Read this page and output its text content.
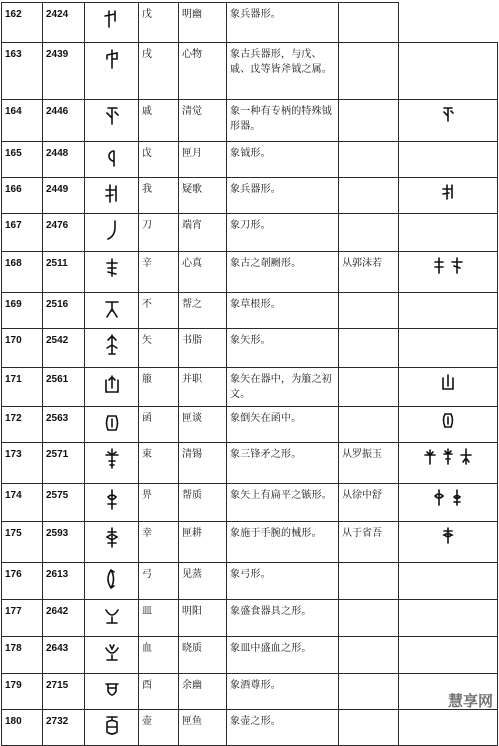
162	2424		戊	明幽	象兵器形。		
163	2439		戌	心物	象古兵器形，与戊、戚、戉等皆斧钺之属。		
164	2446		戚	清觉	象一种有专柄的特殊钺形器。		
165	2448		戉	匣月	象钺形。		
166	2449		我	疑歌	象兵器形。		
167	2476		刀	端宵	象刀形。		
168	2511		辛	心真	象古之剞劂形。	从郭沫若	
169	2516		不	帮之	象草根形。		
170	2542		矢	书脂	象矢形。		
171	2561		箙	并职	象矢在器中，为箙之初文。		
172	2563		函	匣谈	象倒矢在函中。		
173	2571		束	清锡	象三锋矛之形。	从罗振玉	
174	2575		畀	帮质	象矢上有扁平之镞形。	从徐中舒	
175	2593		幸	匣耕	象施于手腕的械形。	从于省吾	
176	2613		弓	见蒸	象弓形。		
177	2642		皿	明阳	象盛食器具之形。		
178	2643		血	晓质	象皿中盛血之形。		
179	2715		酉	余幽	象酒尊形。		
180	2732		壶	匣鱼	象壶之形。		
慧享网
